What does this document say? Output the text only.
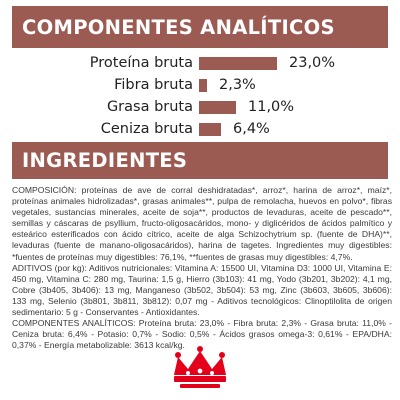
COMPONENTES ANALÍTICOS
Proteína bruta	23,0%
Fibra bruta 2,3%
Grasa bruta	11,0%
Ceniza bruta	6,4%
INGREDIENTES

COMPOSICIÓN: proteínas de ave de corral deshidratadas*, arroz*, harina de arroz*, maíz*, proteínas animales hidrolizadas*, grasas animales**, pulpa de remolacha, huevos en polvo*, fibras vegetales, sustancias minerales, aceite de soja**, productos de levaduras, aceite de pescado**, semillas y cáscaras de psyllium, fructo-oligosacáridos, mono- y diglicéridos de ácidos palmítico y esteárico esterificados con ácido cítrico, aceite de alga Schizochytrium sp. (fuente de DHA)**, levaduras (fuente de manano-oligosacáridos), harina de tagetes. Ingredientes muy digestibles: *fuentes de proteínas muy digestibles: 76,1%, **fuentes de grasas muy digestibles: 4,7%.

ADITIVOS (por kg): Aditivos nutricionales: Vitamina A: 15500 UI, Vitamina D3: 1000 UI, Vitamina E: 450 mg, Vitamina C: 280 mg, Taurina: 1,5 g, Hierro (3b103): 41 mg, Yodo (3b201, 3b202): 4,1 mg, Cobre (3b405, 3b406): 13 mg, Manganeso (3b502, 3b504): 53 mg, Zinc (3b603, 3b605, 3b606): 133 mg, Selenio (3b801, 3b811, 3b812): 0,07 mg - Aditivos tecnológicos: Clinoptilolita de origen sedimentario: 5 g - Conservantes - Antioxidantes.

COMPONENTES ANALÍTICOS: Proteína bruta: 23,0% - Fibra bruta: 2,3% - Grasa bruta: 11,0% - Ceniza bruta: 6,4% - Potasio: 0,7% - Sodio: 0,5% - Ácidos grasos omega-3: 0,61% - EPA/DHA: 0,37% - Energía metabolizable: 3613 kcal/kg.
